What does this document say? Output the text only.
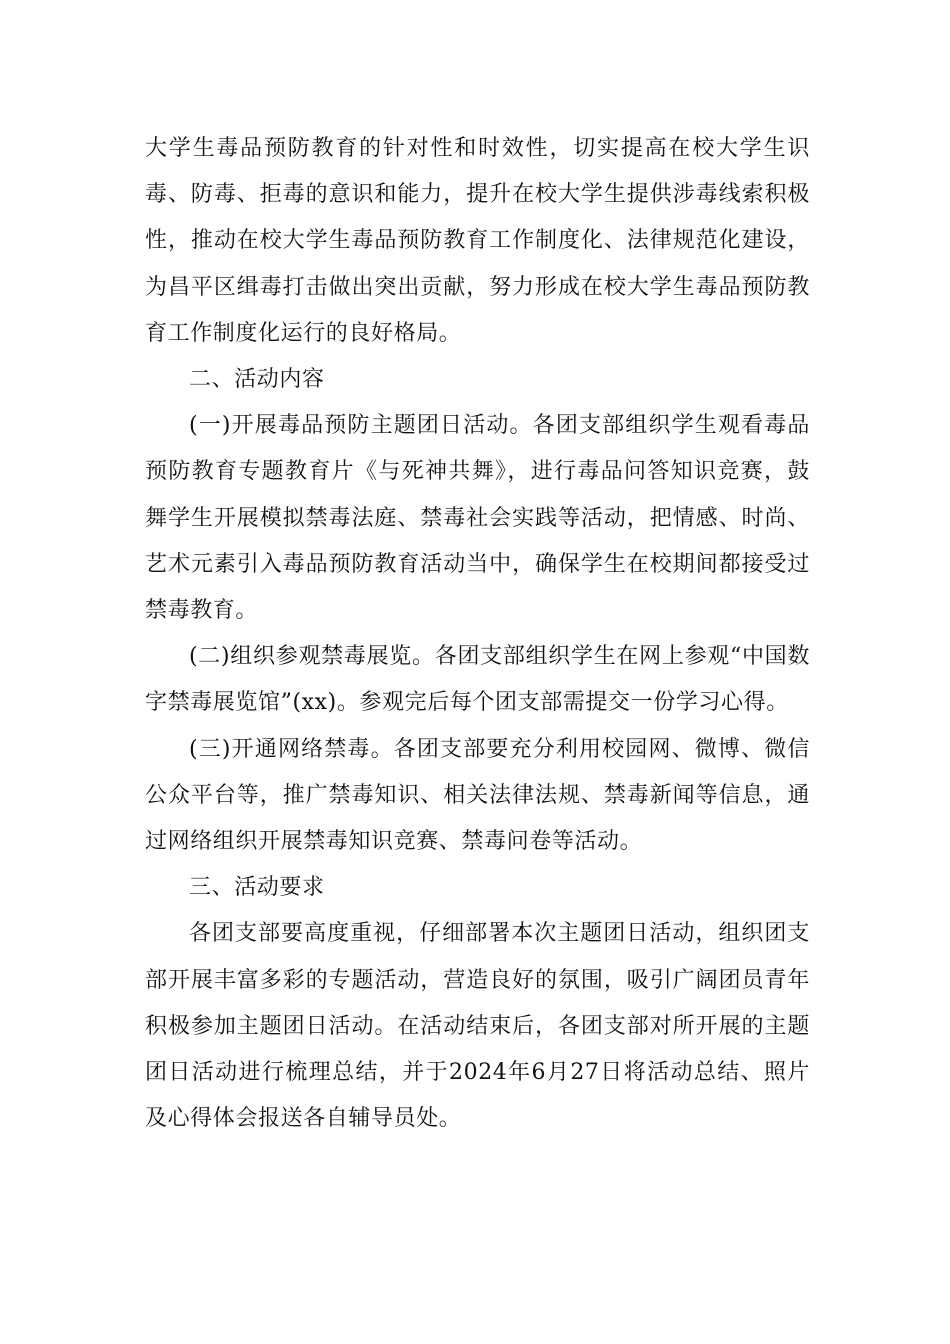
大学生毒品预防教育的针对性和时效性，切实提高在校大学生识毒、防毒、拒毒的意识和能力，提升在校大学生提供涉毒线索积极性，推动在校大学生毒品预防教育工作制度化、法律规范化建设，为昌平区缉毒打击做出突出贡献，努力形成在校大学生毒品预防教育工作制度化运行的良好格局。

二、活动内容

(一)开展毒品预防主题团日活动。各团支部组织学生观看毒品预防教育专题教育片《与死神共舞》，进行毒品问答知识竞赛，鼓舞学生开展模拟禁毒法庭、禁毒社会实践等活动，把情感、时尚、艺术元素引入毒品预防教育活动当中，确保学生在校期间都接受过禁毒教育。

(二)组织参观禁毒展览。各团支部组织学生在网上参观“中国数字禁毒展览馆”(xx)。参观完后每个团支部需提交一份学习心得。

(三)开通网络禁毒。各团支部要充分利用校园网、微博、微信公众平台等，推广禁毒知识、相关法律法规、禁毒新闻等信息，通过网络组织开展禁毒知识竞赛、禁毒问卷等活动。

三、活动要求

各团支部要高度重视，仔细部署本次主题团日活动，组织团支部开展丰富多彩的专题活动，营造良好的氛围，吸引广阔团员青年积极参加主题团日活动。在活动结束后，各团支部对所开展的主题团日活动进行梳理总结，并于2024年6月27日将活动总结、照片及心得体会报送各自辅导员处。
